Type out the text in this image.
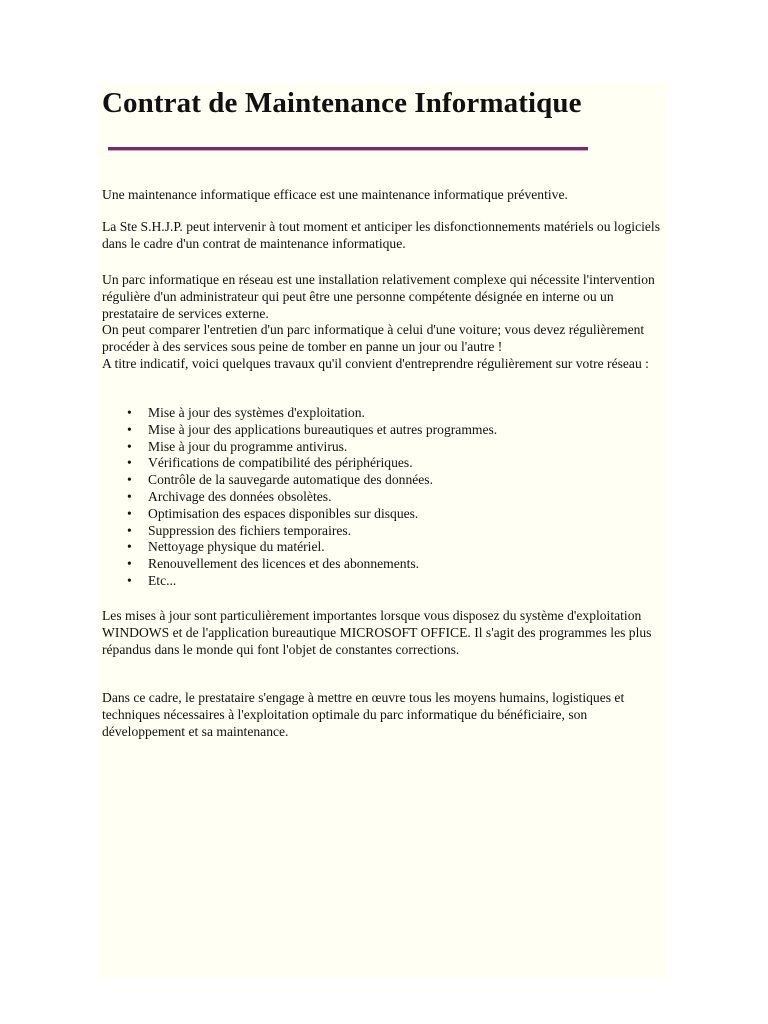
Contrat de Maintenance Informatique

Une maintenance informatique efficace est une maintenance informatique préventive.

La Ste S.H.J.P. peut intervenir à tout moment et anticiper les disfonctionnements matériels ou logiciels dans le cadre d'un contrat de maintenance informatique.

Un parc informatique en réseau est une installation relativement complexe qui nécessite l'intervention régulière d'un administrateur qui peut être une personne compétente désignée en interne ou un prestataire de services externe.
On peut comparer l'entretien d'un parc informatique à celui d'une voiture; vous devez régulièrement procéder à des services sous peine de tomber en panne un jour ou l'autre !
A titre indicatif, voici quelques travaux qu'il convient d'entreprendre régulièrement sur votre réseau :
• Mise à jour des systèmes d'exploitation.
• Mise à jour des applications bureautiques et autres programmes.
• Mise à jour du programme antivirus.
• Vérifications de compatibilité des périphériques.
• Contrôle de la sauvegarde automatique des données.
• Archivage des données obsolètes.
• Optimisation des espaces disponibles sur disques.
• Suppression des fichiers temporaires.
• Nettoyage physique du matériel.
• Renouvellement des licences et des abonnements.
• Etc...

Les mises à jour sont particulièrement importantes lorsque vous disposez du système d'exploitation WINDOWS et de l'application bureautique MICROSOFT OFFICE. Il s'agit des programmes les plus répandus dans le monde qui font l'objet de constantes corrections.

Dans ce cadre, le prestataire s'engage à mettre en œuvre tous les moyens humains, logistiques et techniques nécessaires à l'exploitation optimale du parc informatique du bénéficiaire, son développement et sa maintenance.
